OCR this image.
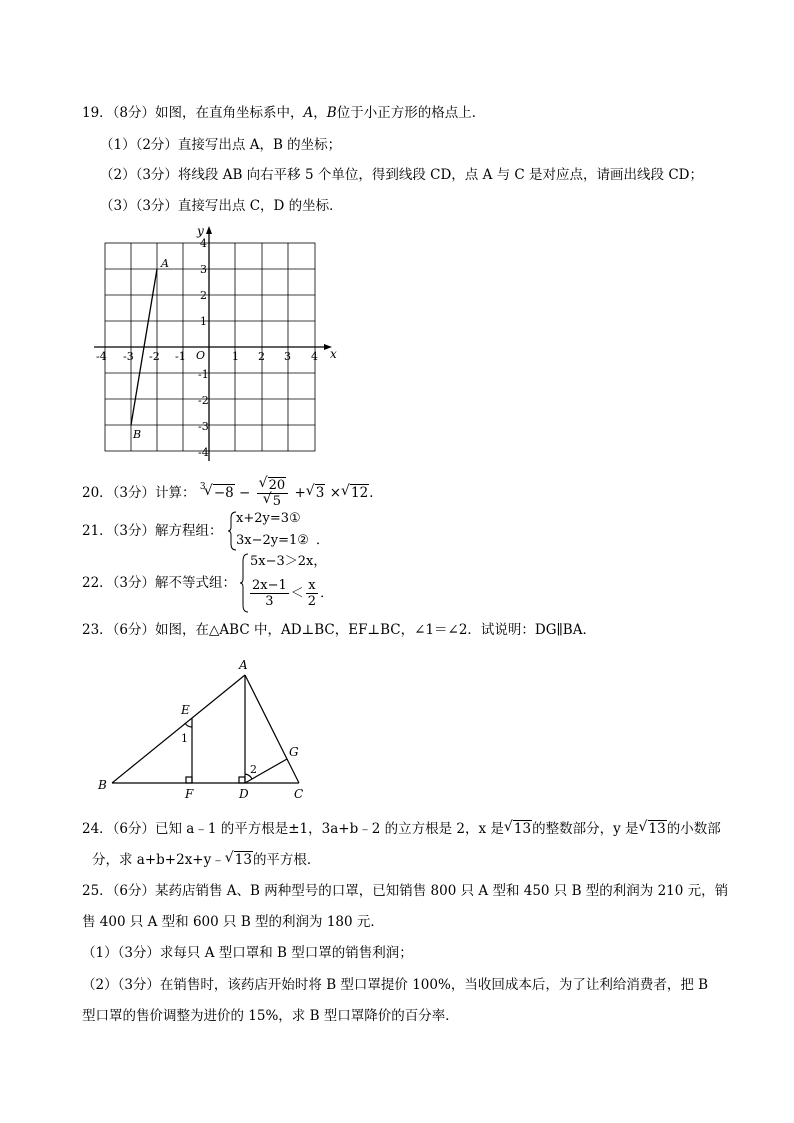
19．（8分）如图，在直角坐标系中，A，B位于小正方形的格点上．
（1）（2分）直接写出点 A，B 的坐标；
（2）（3分）将线段 AB 向右平移 5 个单位，得到线段 CD，点 A 与 C 是对应点，请画出线段 CD；
（3）（3分）直接写出点 C，D 的坐标．
x
y
O
-4 -3 -2 -1	1 2 3 4
4
3
2
1
-1
-2
-3
-4
A
B
20．（3分）计算： 3
√ $-8 - \frac{√ 20}{√ 5}$ + √ 3 × √ 12．
21．（3分）解方程组：
x+2y=3①
3x−2y=1② ．
22．（3分）解不等式组：
5x−3＞2x，
$\frac{2x-1}{3} < \frac{x}{2}$ ．
23．（6分）如图，在△ABC 中，AD⊥BC，EF⊥BC，∠1＝∠2．试说明：DG∥BA．
A
B
C
D
E
F
G
1
2
24．（6分）已知 a﹣1 的平方根是±1，3a+b﹣2 的立方根是 2，x 是 √ 13的整数部分，y 是 √ 13的小数部
分，求 a+b+2x+y﹣ √ 13的平方根．
25．（6分）某药店销售 A、B 两种型号的口罩，已知销售 800 只 A 型和 450 只 B 型的利润为 210 元，销
售 400 只 A 型和 600 只 B 型的利润为 180 元．
（1）（3分）求每只 A 型口罩和 B 型口罩的销售利润；
（2）（3分）在销售时，该药店开始时将 B 型口罩提价 100%，当收回成本后，为了让利给消费者，把 B
型口罩的售价调整为进价的 15%，求 B 型口罩降价的百分率．
